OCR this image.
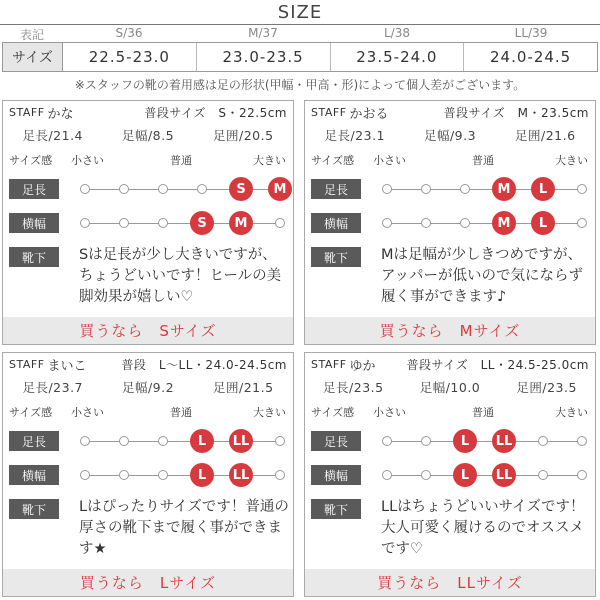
SIZE
表記	S/36	M/37	L/38	LL/39
サイズ	22.5-23.0	23.0-23.5	23.5-24.0	24.0-24.5
※スタッフの靴の着用感は足の形状(甲幅・甲高・形)によって個人差がございます。
STAFF かな	普段サイズ　S・22.5cm
足長/21.4	足幅/8.5	足囲/20.5
サイズ感 小さい	普通	大きい
足長	S	M
横幅	S	M
靴下	Sは足長が少し大きいですが、ちょうどいいです！ヒールの美脚効果が嬉しい♡
買うなら　Sサイズ
STAFF かおる	普段サイズ　M・23.5cm
足長/23.1	足幅/9.3	足囲/21.6
サイズ感 小さい	普通	大きい
足長	M	L
横幅	M	L
靴下	Mは足幅が少しきつめですが、アッパーが低いので気にならず履く事ができます♪
買うなら　Mサイズ
STAFF まいこ	普段　L〜LL・24.0-24.5cm
足長/23.7	足幅/9.2	足囲/21.5
サイズ感 小さい	普通	大きい
足長	L	LL
横幅	L	LL
靴下	Lはぴったりサイズです！普通の厚さの靴下まで履く事ができます★
買うなら　Lサイズ
STAFF ゆか	普段サイズ　LL・24.5-25.0cm
足長/23.5	足幅/10.0	足囲/23.5
サイズ感 小さい	普通	大きい
足長	L	LL
横幅	L	LL
靴下	LLはちょうどいいサイズです！大人可愛く履けるのでオススメです♡
買うなら　LLサイズ
